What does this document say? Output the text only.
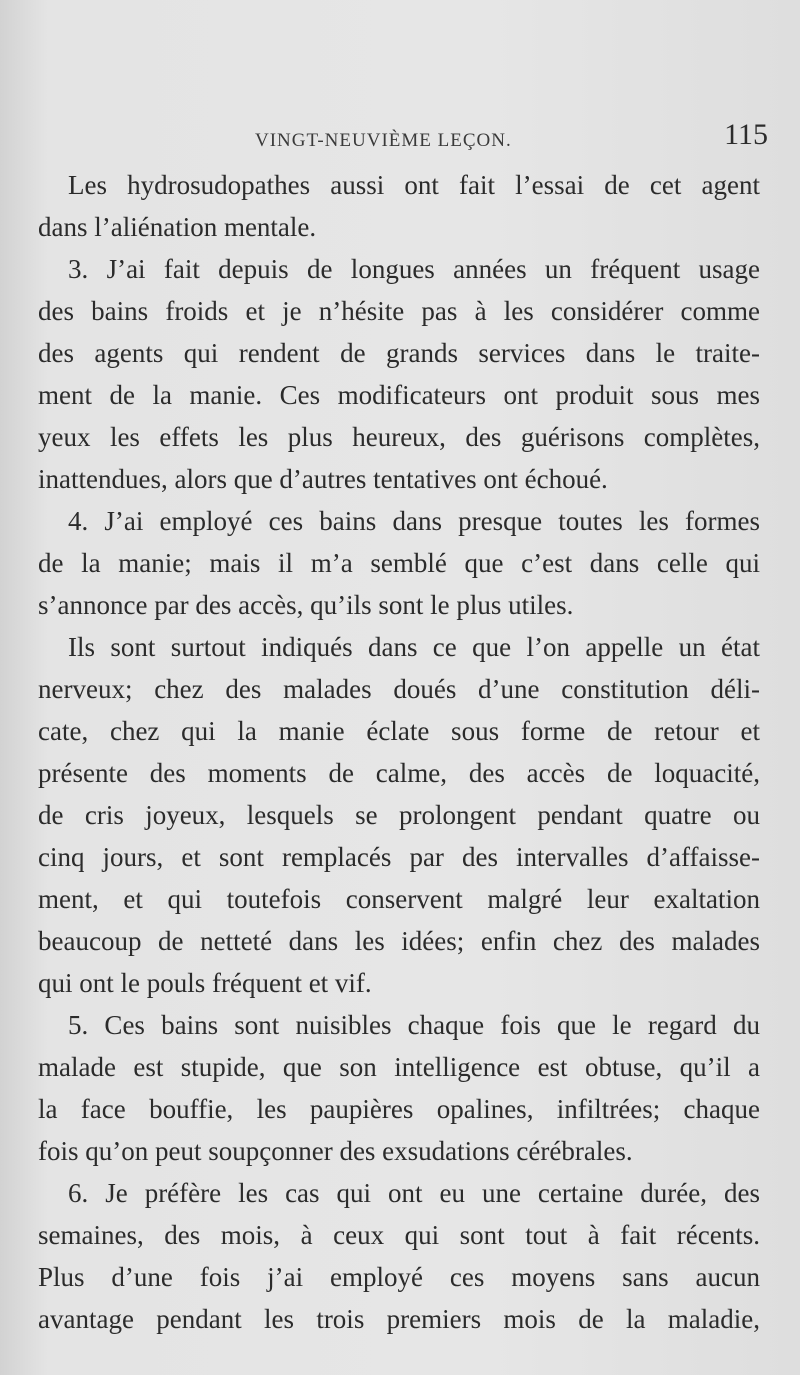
VINGT-NEUVIÈME LEÇON.	115

Les hydrosudopathes aussi ont fait l’essai de cet agent
dans l’aliénation mentale.

3. J’ai fait depuis de longues années un fréquent usage
des bains froids et je n’hésite pas à les considérer comme
des agents qui rendent de grands services dans le traite-
ment de la manie. Ces modificateurs ont produit sous mes
yeux les effets les plus heureux, des guérisons complètes,
inattendues, alors que d’autres tentatives ont échoué.

4. J’ai employé ces bains dans presque toutes les formes
de la manie; mais il m’a semblé que c’est dans celle qui
s’annonce par des accès, qu’ils sont le plus utiles.

Ils sont surtout indiqués dans ce que l’on appelle un état
nerveux; chez des malades doués d’une constitution déli-
cate, chez qui la manie éclate sous forme de retour et
présente des moments de calme, des accès de loquacité,
de cris joyeux, lesquels se prolongent pendant quatre ou
cinq jours, et sont remplacés par des intervalles d’affaisse-
ment, et qui toutefois conservent malgré leur exaltation
beaucoup de netteté dans les idées; enfin chez des malades
qui ont le pouls fréquent et vif.

5. Ces bains sont nuisibles chaque fois que le regard du
malade est stupide, que son intelligence est obtuse, qu’il a
la face bouffie, les paupières opalines, infiltrées; chaque
fois qu’on peut soupçonner des exsudations cérébrales.

6. Je préfère les cas qui ont eu une certaine durée, des
semaines, des mois, à ceux qui sont tout à fait récents.
Plus d’une fois j’ai employé ces moyens sans aucun
avantage pendant les trois premiers mois de la maladie,
